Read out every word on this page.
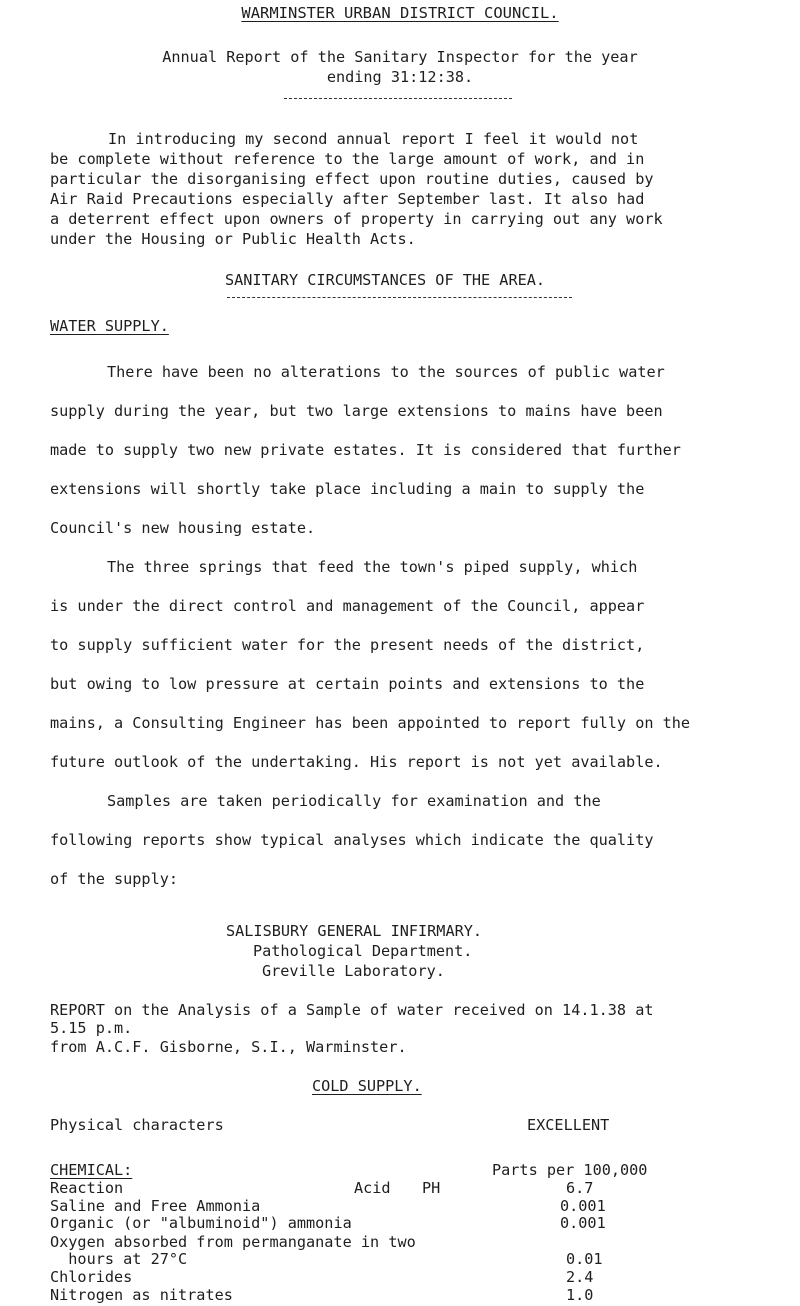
WARMINSTER URBAN DISTRICT COUNCIL.
Annual Report of the Sanitary Inspector for the year
ending 31:12:38.
In introducing my second annual report I feel it would not
be complete without reference to the large amount of work, and in
particular the disorganising effect upon routine duties, caused by
Air Raid Precautions especially after September last. It also had
a deterrent effect upon owners of property in carrying out any work
under the Housing or Public Health Acts.
SANITARY CIRCUMSTANCES OF THE AREA.
WATER SUPPLY.
There have been no alterations to the sources of public water
supply during the year, but two large extensions to mains have been
made to supply two new private estates. It is considered that further
extensions will shortly take place including a main to supply the
Council's new housing estate.
The three springs that feed the town's piped supply, which
is under the direct control and management of the Council, appear
to supply sufficient water for the present needs of the district,
but owing to low pressure at certain points and extensions to the
mains, a Consulting Engineer has been appointed to report fully on the
future outlook of the undertaking. His report is not yet available.
Samples are taken periodically for examination and the
following reports show typical analyses which indicate the quality
of the supply:
SALISBURY GENERAL INFIRMARY.
Pathological Department.
Greville Laboratory.
REPORT on the Analysis of a Sample of water received on 14.1.38 at
5.15 p.m.
from A.C.F. Gisborne, S.I., Warminster.
COLD SUPPLY.
Physical characters	EXCELLENT
CHEMICAL:	Parts per 100,000
Reaction	Acid PH	6.7
Saline and Free Ammonia	0.001
Organic (or "albuminoid") ammonia	0.001
Oxygen absorbed from permanganate in two
hours at 27°C	0.01
Chlorides	2.4
Nitrogen as nitrates	1.0
